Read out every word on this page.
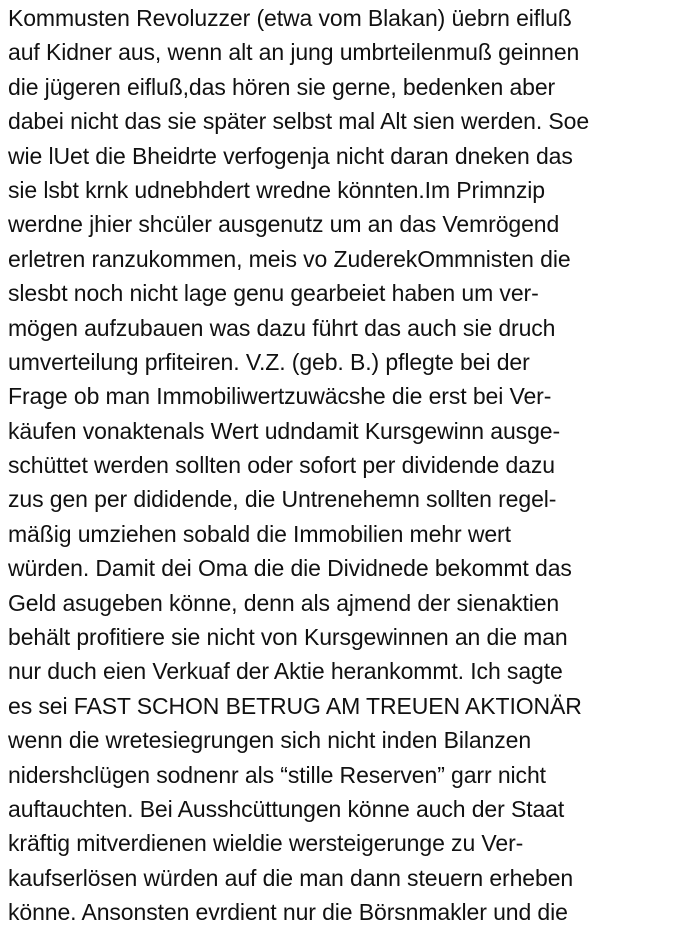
Kommusten Revoluzzer (etwa vom Blakan) üebrn eifluß
auf Kidner aus, wenn alt an jung umbrteilenmuß geinnen
die jügeren eifluß,das hören sie gerne, bedenken aber
dabei nicht das sie später selbst mal Alt sien werden. Soe
wie lUet die Bheidrte verfogenja nicht daran dneken das
sie lsbt krnk udnebhdert wredne könnten.Im Primnzip
werdne jhier shcüler ausgenutz um an das Vemrögend
erletren ranzukommen, meis vo ZuderekOmmnisten die
slesbt noch nicht lage genu gearbeiet haben um ver-
mögen aufzubauen was dazu führt das auch sie druch
umverteilung prfiteiren. V.Z. (geb. B.) pflegte bei der
Frage ob man Immobiliwertzuwäcshe die erst bei Ver-
käufen vonaktenals Wert udndamit Kursgewinn ausge-
schüttet werden sollten oder sofort per dividende dazu
zus gen per dididende, die Untrenehemn sollten regel-
mäßig umziehen sobald die Immobilien mehr wert
würden. Damit dei Oma die die Dividnede bekommt das
Geld asugeben könne, denn als ajmend der sienaktien
behält profitiere sie nicht von Kursgewinnen an die man
nur duch eien Verkuaf der Aktie herankommt. Ich sagte
es sei FAST SCHON BETRUG AM TREUEN AKTIONÄR
wenn die wretesiegrungen sich nicht inden Bilanzen
nidershclügen sodnenr als “stille Reserven” garr nicht
auftauchten. Bei Ausshcüttungen könne auch der Staat
kräftig mitverdienen wieldie wersteigerunge zu Ver-
kaufserlösen würden auf die man dann steuern erheben
könne. Ansonsten evrdient nur die Börsnmakler und die
